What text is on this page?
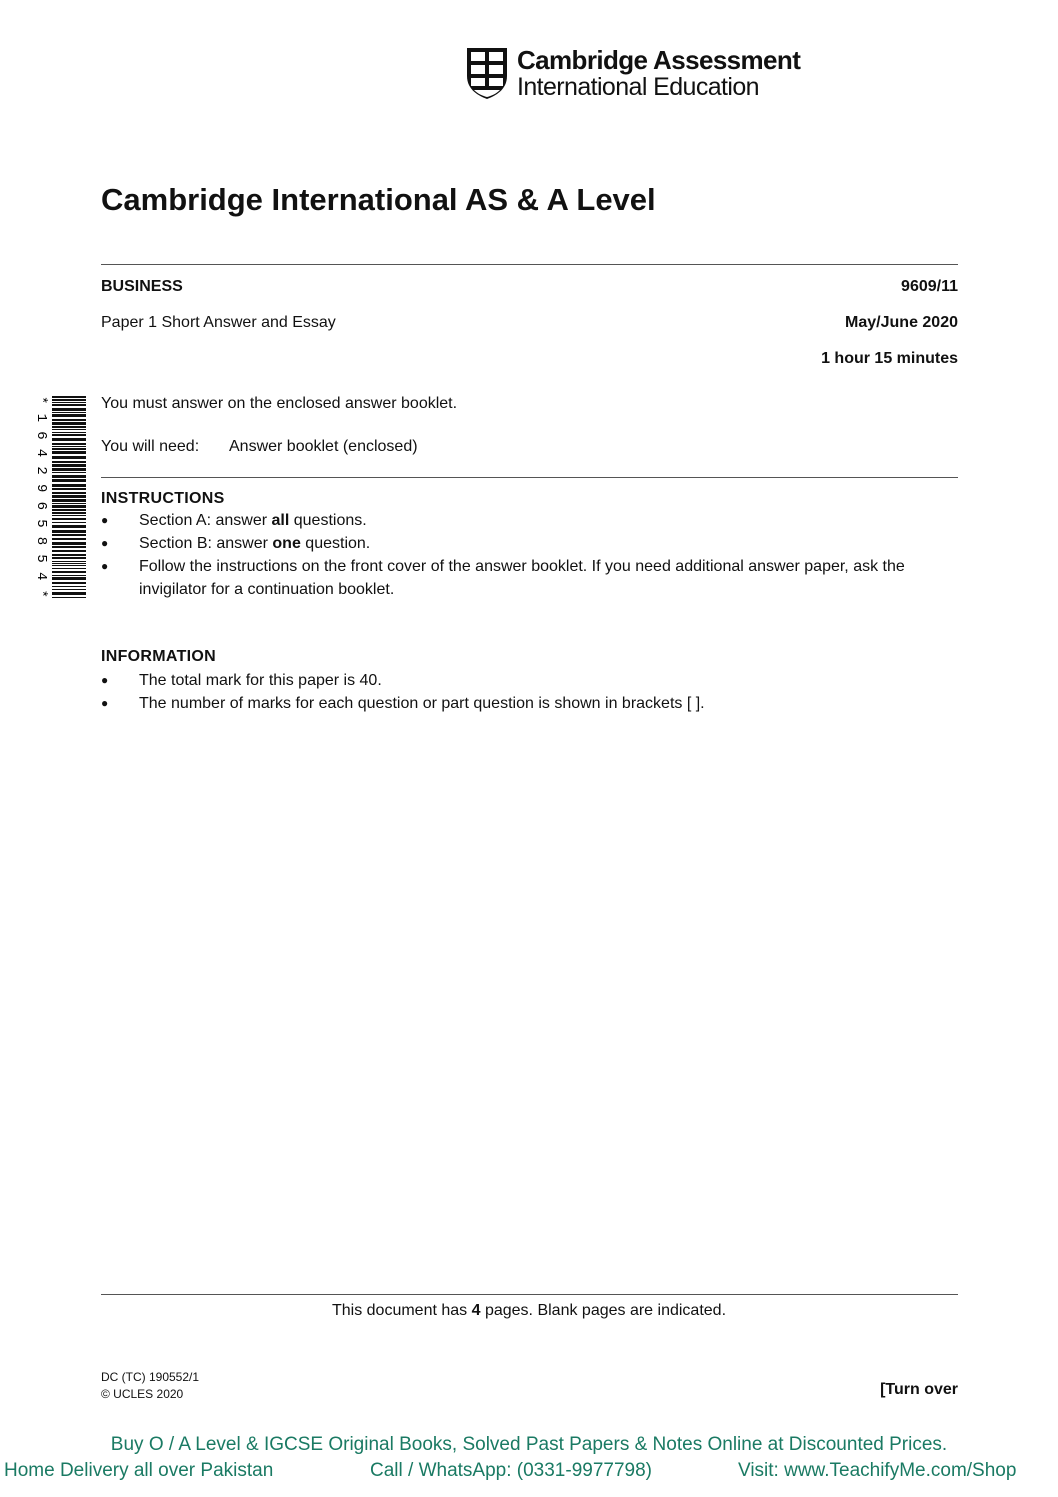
Cambridge Assessment
International Education
Cambridge International AS & A Level
BUSINESS	9609/11
Paper 1 Short Answer and Essay	May/June 2020
1 hour 15 minutes
*1642965854*
You must answer on the enclosed answer booklet.
You will need: Answer booklet (enclosed)
INSTRUCTIONS
● Section A: answer all questions.
● Section B: answer one question.
● Follow the instructions on the front cover of the answer booklet. If you need additional answer paper, ask the invigilator for a continuation booklet.
INFORMATION
● The total mark for this paper is 40.
● The number of marks for each question or part question is shown in brackets [ ].
This document has 4 pages. Blank pages are indicated.
DC (TC) 190552/1
© UCLES 2020	[Turn over
Buy O / A Level & IGCSE Original Books, Solved Past Papers & Notes Online at Discounted Prices.
Home Delivery all over Pakistan	Call / WhatsApp: (0331-9977798)	Visit: www.TeachifyMe.com/Shop
